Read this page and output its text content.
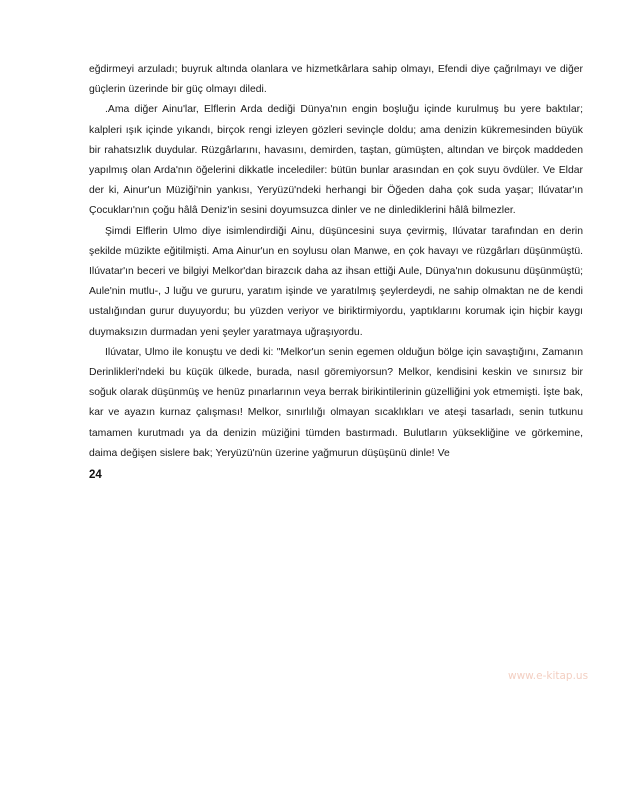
eğdirmeyi arzuladı; buyruk altında olanlara ve hizmetkârlara sahip olmayı, Efendi diye çağrılmayı ve diğer güçlerin üzerinde bir güç olmayı diledi.

.Ama diğer Ainu'lar, Elflerin Arda dediği Dünya'nın engin boşluğu içinde kurulmuş bu yere baktılar; kalpleri ışık içinde yıkandı, birçok rengi izleyen gözleri sevinçle doldu; ama denizin kükremesinden büyük bir rahatsızlık duydular. Rüzgârlarını, havasını, demirden, taştan, gümüşten, altından ve birçok maddeden yapılmış olan Arda'nın öğelerini dikkatle incelediler: bütün bunlar arasından en çok suyu övdüler. Ve Eldar der ki, Ainur'un Müziği'nin yankısı, Yeryüzü'ndeki herhangi bir Öğeden daha çok suda yaşar; Ilúvatar'ın Çocukları'nın çoğu hâlâ Deniz'in sesini doyumsuzca dinler ve ne dinlediklerini hâlâ bilmezler.

Şimdi Elflerin Ulmo diye isimlendirdiği Ainu, düşüncesini suya çevirmiş, Ilúvatar tarafından en derin şekilde müzikte eğitilmişti. Ama Ainur'un en soylusu olan Manwe, en çok havayı ve rüzgârları düşünmüştü. Ilúvatar'ın beceri ve bilgiyi Melkor'dan birazcık daha az ihsan ettiği Aule, Dünya'nın dokusunu düşünmüştü; Aule'nin mutlu-, J luğu ve gururu, yaratım işinde ve yaratılmış şeylerdeydi, ne sahip olmaktan ne de kendi ustalığından gurur duyuyordu; bu yüzden veriyor ve biriktirmiyordu, yaptıklarını korumak için hiçbir kaygı duymaksızın durmadan yeni şeyler yaratmaya uğraşıyordu.

Ilúvatar, Ulmo ile konuştu ve dedi ki: "Melkor'un senin egemen olduğun bölge için savaştığını, Zamanın Derinlikleri'ndeki bu küçük ülkede, burada, nasıl göremiyorsun? Melkor, kendisini keskin ve sınırsız bir soğuk olarak düşünmüş ve henüz pınarlarının veya berrak birikintilerinin güzelliğini yok etmemişti. İşte bak, kar ve ayazın kurnaz çalışması! Melkor, sınırlılığı olmayan sıcaklıkları ve ateşi tasarladı, senin tutkunu tamamen kurutmadı ya da denizin müziğini tümden bastırmadı. Bulutların yüksekliğine ve görkemine, daima değişen sislere bak; Yeryüzü'nün üzerine yağmurun düşüşünü dinle! Ve

24
www.e-kitap.us
